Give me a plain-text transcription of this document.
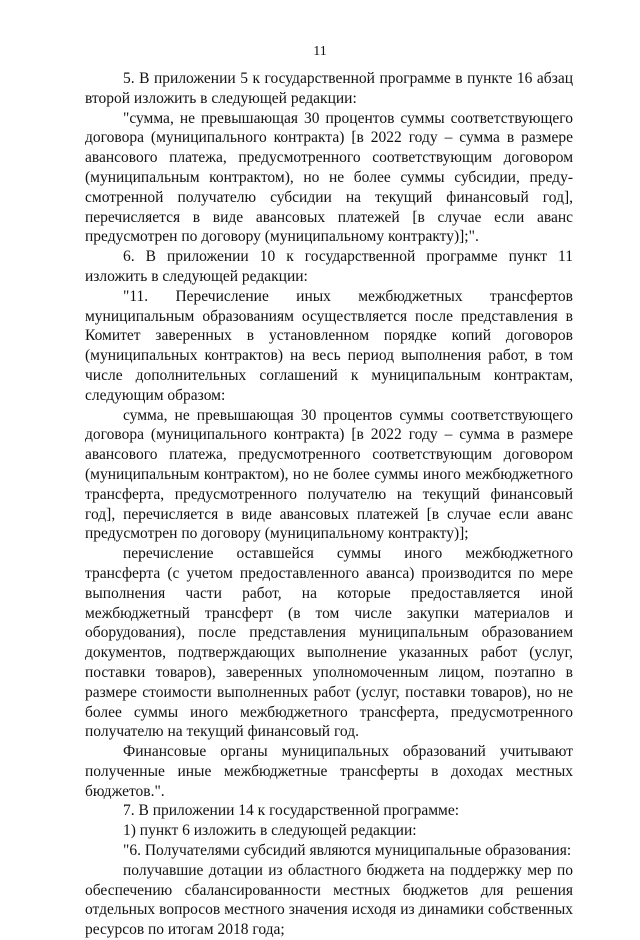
11

5. В приложении 5 к государственной программе в пункте 16 абзац второй изложить в следующей редакции:

"сумма, не превышающая 30 процентов суммы соответствующего договора (муниципального контракта) [в 2022 году – сумма в размере авансового платежа, предусмотренного соответствующим договором (муниципальным контрактом), но не более суммы субсидии, предусмотренной получателю субсидии на текущий финансовый год], перечисляется в виде авансовых платежей [в случае если аванс предусмотрен по договору (муниципальному контракту)];".

6. В приложении 10 к государственной программе пункт 11 изложить в следующей редакции:

"11. Перечисление иных межбюджетных трансфертов муниципальным образованиям осуществляется после представления в Комитет заверенных в установленном порядке копий договоров (муниципальных контрактов) на весь период выполнения работ, в том числе дополнительных соглашений к муниципальным контрактам, следующим образом:

сумма, не превышающая 30 процентов суммы соответствующего договора (муниципального контракта) [в 2022 году – сумма в размере авансового платежа, предусмотренного соответствующим договором (муниципальным контрактом), но не более суммы иного межбюджетного трансферта, предусмотренного получателю на текущий финансовый год], перечисляется в виде авансовых платежей [в случае если аванс предусмотрен по договору (муниципальному контракту)];

перечисление оставшейся суммы иного межбюджетного трансферта (с учетом предоставленного аванса) производится по мере выполнения части работ, на которые предоставляется иной межбюджетный трансферт (в том числе закупки материалов и оборудования), после представления муниципальным образованием документов, подтверждающих выполнение указанных работ (услуг, поставки товаров), заверенных уполномоченным лицом, поэтапно в размере стоимости выполненных работ (услуг, поставки товаров), но не более суммы иного межбюджетного трансферта, предусмотренного получателю на текущий финансовый год.

Финансовые органы муниципальных образований учитывают полученные иные межбюджетные трансферты в доходах местных бюджетов.".

7. В приложении 14 к государственной программе:

1) пункт 6 изложить в следующей редакции:

"6. Получателями субсидий являются муниципальные образования:

получавшие дотации из областного бюджета на поддержку мер по обеспечению сбалансированности местных бюджетов для решения отдельных вопросов местного значения исходя из динамики собственных ресурсов по итогам 2018 года;
